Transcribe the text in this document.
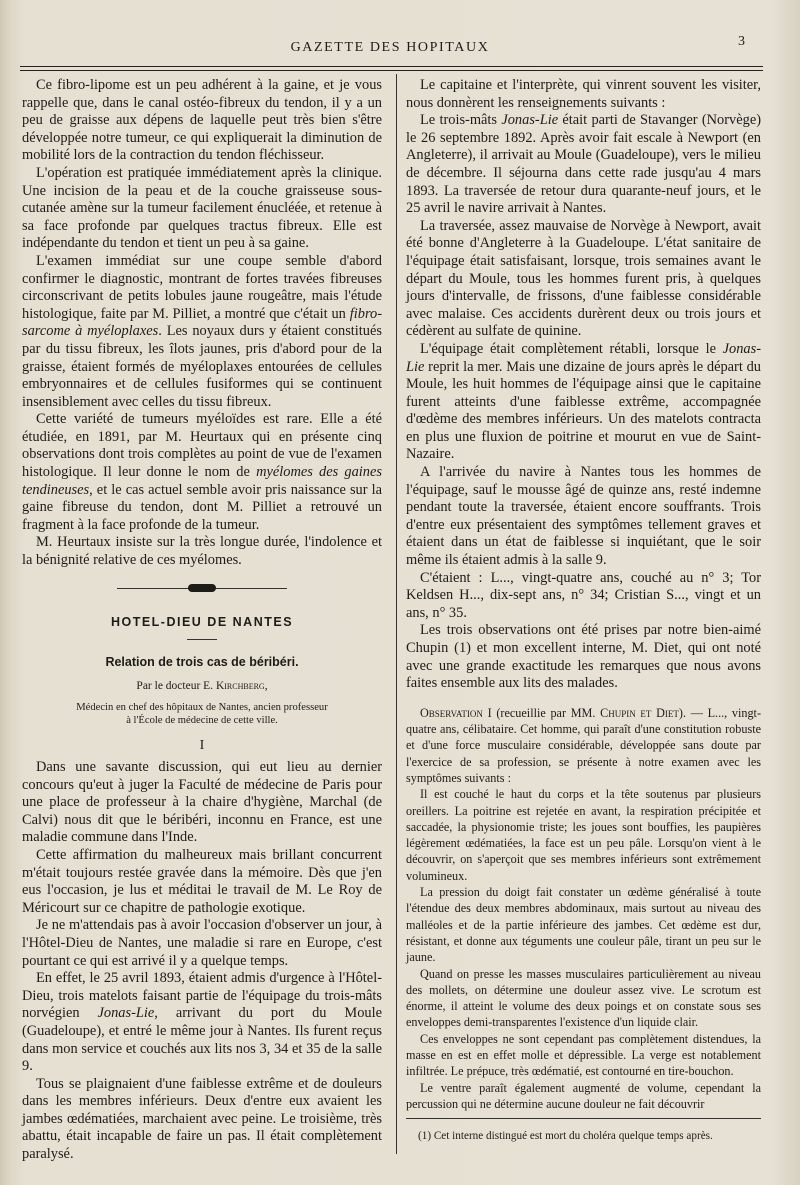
GAZETTE DES HOPITAUX	3

Ce fibro-lipome est un peu adhérent à la gaine, et je vous rappelle que, dans le canal ostéo-fibreux du tendon, il y a un peu de graisse aux dépens de laquelle peut très bien s'être développée notre tumeur, ce qui expliquerait la diminution de mobilité lors de la contraction du tendon fléchisseur.

L'opération est pratiquée immédiatement après la clinique. Une incision de la peau et de la couche graisseuse sous-cutanée amène sur la tumeur facilement énucléée, et retenue à sa face profonde par quelques tractus fibreux. Elle est indépendante du tendon et tient un peu à sa gaine.

L'examen immédiat sur une coupe semble d'abord confirmer le diagnostic, montrant de fortes travées fibreuses circonscrivant de petits lobules jaune rougeâtre, mais l'étude histologique, faite par M. Pilliet, a montré que c'était un fibro-sarcome à myéloplaxes. Les noyaux durs y étaient constitués par du tissu fibreux, les îlots jaunes, pris d'abord pour de la graisse, étaient formés de myéloplaxes entourées de cellules embryonnaires et de cellules fusiformes qui se continuent insensiblement avec celles du tissu fibreux.

Cette variété de tumeurs myéloïdes est rare. Elle a été étudiée, en 1891, par M. Heurtaux qui en présente cinq observations dont trois complètes au point de vue de l'examen histologique. Il leur donne le nom de myélomes des gaines tendineuses, et le cas actuel semble avoir pris naissance sur la gaine fibreuse du tendon, dont M. Pilliet a retrouvé un fragment à la face profonde de la tumeur.

M. Heurtaux insiste sur la très longue durée, l'indolence et la bénignité relative de ces myélomes.

HOTEL-DIEU DE NANTES
Relation de trois cas de béribéri.
Par le docteur E. Kirchberg,
Médecin en chef des hôpitaux de Nantes, ancien professeur
à l'École de médecine de cette ville.
I

Dans une savante discussion, qui eut lieu au dernier concours qu'eut à juger la Faculté de médecine de Paris pour une place de professeur à la chaire d'hygiène, Marchal (de Calvi) nous dit que le béribéri, inconnu en France, est une maladie commune dans l'Inde.

Cette affirmation du malheureux mais brillant concurrent m'était toujours restée gravée dans la mémoire. Dès que j'en eus l'occasion, je lus et méditai le travail de M. Le Roy de Méricourt sur ce chapitre de pathologie exotique.

Je ne m'attendais pas à avoir l'occasion d'observer un jour, à l'Hôtel-Dieu de Nantes, une maladie si rare en Europe, c'est pourtant ce qui est arrivé il y a quelque temps.

En effet, le 25 avril 1893, étaient admis d'urgence à l'Hôtel-Dieu, trois matelots faisant partie de l'équipage du trois-mâts norvégien Jonas-Lie, arrivant du port du Moule (Guadeloupe), et entré le même jour à Nantes. Ils furent reçus dans mon service et couchés aux lits nos 3, 34 et 35 de la salle 9.

Tous se plaignaient d'une faiblesse extrême et de douleurs dans les membres inférieurs. Deux d'entre eux avaient les jambes œdématiées, marchaient avec peine. Le troisième, très abattu, était incapable de faire un pas. Il était complètement paralysé.

Le capitaine et l'interprète, qui vinrent souvent les visiter, nous donnèrent les renseignements suivants :

Le trois-mâts Jonas-Lie était parti de Stavanger (Norvège) le 26 septembre 1892. Après avoir fait escale à Newport (en Angleterre), il arrivait au Moule (Guadeloupe), vers le milieu de décembre. Il séjourna dans cette rade jusqu'au 4 mars 1893. La traversée de retour dura quarante-neuf jours, et le 25 avril le navire arrivait à Nantes.

La traversée, assez mauvaise de Norvège à Newport, avait été bonne d'Angleterre à la Guadeloupe. L'état sanitaire de l'équipage était satisfaisant, lorsque, trois semaines avant le départ du Moule, tous les hommes furent pris, à quelques jours d'intervalle, de frissons, d'une faiblesse considérable avec malaise. Ces accidents durèrent deux ou trois jours et cédèrent au sulfate de quinine.

L'équipage était complètement rétabli, lorsque le Jonas-Lie reprit la mer. Mais une dizaine de jours après le départ du Moule, les huit hommes de l'équipage ainsi que le capitaine furent atteints d'une faiblesse extrême, accompagnée d'œdème des membres inférieurs. Un des matelots contracta en plus une fluxion de poitrine et mourut en vue de Saint-Nazaire.

A l'arrivée du navire à Nantes tous les hommes de l'équipage, sauf le mousse âgé de quinze ans, resté indemne pendant toute la traversée, étaient encore souffrants. Trois d'entre eux présentaient des symptômes tellement graves et étaient dans un état de faiblesse si inquiétant, que le soir même ils étaient admis à la salle 9.

C'étaient : L..., vingt-quatre ans, couché au n° 3; Tor Keldsen H..., dix-sept ans, n° 34; Cristian S..., vingt et un ans, n° 35.

Les trois observations ont été prises par notre bien-aimé Chupin (1) et mon excellent interne, M. Diet, qui ont noté avec une grande exactitude les remarques que nous avons faites ensemble aux lits des malades.

Observation I (recueillie par MM. Chupin et Diet). — L..., vingt-quatre ans, célibataire. Cet homme, qui paraît d'une constitution robuste et d'une force musculaire considérable, développée sans doute par l'exercice de sa profession, se présente à notre examen avec les symptômes suivants :

Il est couché le haut du corps et la tête soutenus par plusieurs oreillers. La poitrine est rejetée en avant, la respiration précipitée et saccadée, la physionomie triste; les joues sont bouffies, les paupières légèrement œdématiées, la face est un peu pâle. Lorsqu'on vient à le découvrir, on s'aperçoit que ses membres inférieurs sont extrêmement volumineux.

La pression du doigt fait constater un œdème généralisé à toute l'étendue des deux membres abdominaux, mais surtout au niveau des malléoles et de la partie inférieure des jambes. Cet œdème est dur, résistant, et donne aux téguments une couleur pâle, tirant un peu sur le jaune.

Quand on presse les masses musculaires particulièrement au niveau des mollets, on détermine une douleur assez vive. Le scrotum est énorme, il atteint le volume des deux poings et on constate sous ses enveloppes demi-transparentes l'existence d'un liquide clair.

Ces enveloppes ne sont cependant pas complètement distendues, la masse en est en effet molle et dépressible. La verge est notablement infiltrée. Le prépuce, très œdématié, est contourné en tire-bouchon.

Le ventre paraît également augmenté de volume, cependant la percussion qui ne détermine aucune douleur ne fait découvrir

(1) Cet interne distingué est mort du choléra quelque temps après.
